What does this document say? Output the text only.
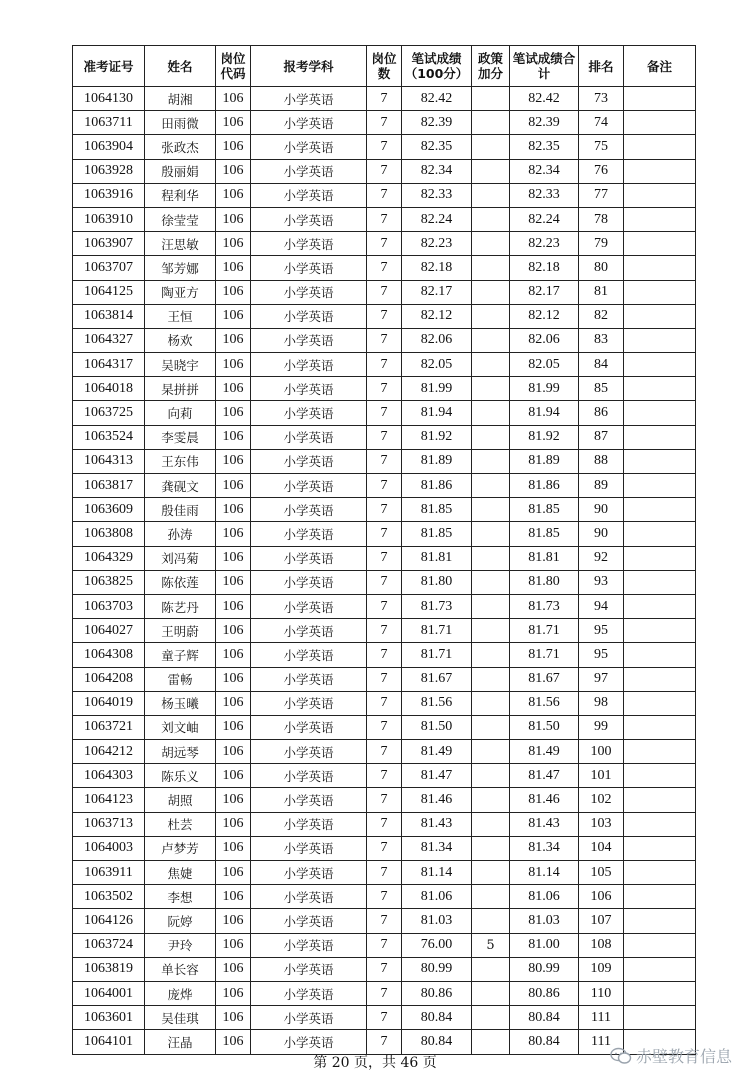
准考证号	姓名	岗位代码	报考学科	岗位数	笔试成绩（100分）	政策加分	笔试成绩合计	排名	备注
1064130	胡湘	106	小学英语	7	82.42		82.42	73	
1063711	田雨微	106	小学英语	7	82.39		82.39	74	
1063904	张政杰	106	小学英语	7	82.35		82.35	75	
1063928	殷丽娟	106	小学英语	7	82.34		82.34	76	
1063916	程利华	106	小学英语	7	82.33		82.33	77	
1063910	徐莹莹	106	小学英语	7	82.24		82.24	78	
1063907	汪思敏	106	小学英语	7	82.23		82.23	79	
1063707	邹芳娜	106	小学英语	7	82.18		82.18	80	
1064125	陶亚方	106	小学英语	7	82.17		82.17	81	
1063814	王恒	106	小学英语	7	82.12		82.12	82	
1064327	杨欢	106	小学英语	7	82.06		82.06	83	
1064317	吴晓宇	106	小学英语	7	82.05		82.05	84	
1064018	杲拼拼	106	小学英语	7	81.99		81.99	85	
1063725	向莉	106	小学英语	7	81.94		81.94	86	
1063524	李雯晨	106	小学英语	7	81.92		81.92	87	
1064313	王东伟	106	小学英语	7	81.89		81.89	88	
1063817	龚砚文	106	小学英语	7	81.86		81.86	89	
1063609	殷佳雨	106	小学英语	7	81.85		81.85	90	
1063808	孙涛	106	小学英语	7	81.85		81.85	90	
1064329	刘冯菊	106	小学英语	7	81.81		81.81	92	
1063825	陈依莲	106	小学英语	7	81.80		81.80	93	
1063703	陈艺丹	106	小学英语	7	81.73		81.73	94	
1064027	王明蔚	106	小学英语	7	81.71		81.71	95	
1064308	童子辉	106	小学英语	7	81.71		81.71	95	
1064208	雷畅	106	小学英语	7	81.67		81.67	97	
1064019	杨玉曦	106	小学英语	7	81.56		81.56	98	
1063721	刘文岫	106	小学英语	7	81.50		81.50	99	
1064212	胡远琴	106	小学英语	7	81.49		81.49	100	
1064303	陈乐义	106	小学英语	7	81.47		81.47	101	
1064123	胡照	106	小学英语	7	81.46		81.46	102	
1063713	杜芸	106	小学英语	7	81.43		81.43	103	
1064003	卢梦芳	106	小学英语	7	81.34		81.34	104	
1063911	焦婕	106	小学英语	7	81.14		81.14	105	
1063502	李想	106	小学英语	7	81.06		81.06	106	
1064126	阮婷	106	小学英语	7	81.03		81.03	107	
1063724	尹玲	106	小学英语	7	76.00	5	81.00	108	
1063819	单长容	106	小学英语	7	80.99		80.99	109	
1064001	庞烨	106	小学英语	7	80.86		80.86	110	
1063601	吴佳琪	106	小学英语	7	80.84		80.84	111	
1064101	汪晶	106	小学英语	7	80.84		80.84	111	
第 20 页，共 46 页	赤壁教育信息
